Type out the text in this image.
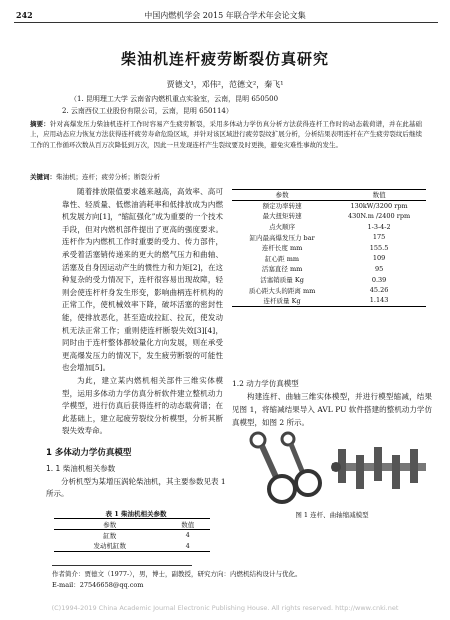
242	中国内燃机学会 2015 年联合学术年会论文集
柴油机连杆疲劳断裂仿真研究
贾德文¹，邓伟²，范德文²，秦飞¹
（1. 昆明理工大学 云南省内燃机重点实验室，云南，昆明 650500
2. 云南西仪工业股份有限公司，云南，昆明 650114）
摘要：针对高爆发压力柴油机连杆工作时容易产生疲劳断裂，采用多体动力学仿真分析方法获得连杆工作时的动态载荷谱，并在此基础上，应用动态应力恢复方法获得连杆疲劳寿命危险区域，并针对该区域进行疲劳裂纹扩展分析，分析结果表明连杆在产生疲劳裂纹后继续工作的工作循环次数从百万次降低到万次，因此一旦发现连杆产生裂纹要及时更换，避免灾难性事故的发生。
关键词：柴油机；连杆；疲劳分析；断裂分析

随着排放限值要求越来越高，高效率、高可靠性、轻质量、低燃油消耗率和低排放成为内燃机发展方向[1]，“缩缸强化”成为重要的一个技术手段，但对内燃机部件提出了更高的强度要求。连杆作为内燃机工作时重要的受力、传力部件，承受着活塞销传递来的更大的燃气压力和曲轴、活塞及自身因运动产生的惯性力和力矩[2]，在这种复杂的受力情况下，连杆很容易出现故障，轻则会使连杆杆身发生形变，影响曲柄连杆机构的正常工作，使机械效率下降，破坏活塞的密封性能，使排放恶化，甚至造成拉缸、拉瓦，使发动机无法正常工作；重则使连杆断裂失效[3][4]，同时由于连杆整体都较量化方向发展，则在承受更高爆发压力的情况下，发生疲劳断裂的可能性也会增加[5]。

为此，建立某内燃机相关部件三维实体模型，运用多体动力学仿真分析软件建立整机动力学模型，进行仿真后获得连杆的动态载荷谱；在此基础上，建立起疲劳裂纹分析模型，分析其断裂失效寿命。

1 多体动力学仿真模型
1. 1 柴油机相关参数
分析机型为某增压涡轮柴油机，其主要参数见表 1 所示。
表 1 柴油机相关参数
参数	数值
缸数	4
发动机缸数	4
参数	数值
额定功率转速	130kW/3200 rpm
最大扭矩转速	430N.m /2400 rpm
点火顺序	1-3-4-2
缸内最高爆发压力 bar	175
连杆长度 mm	155.5
缸心距 mm	109
活塞直径 mm	95
活塞销质量 Kg	0.39
质心距大头的距离 mm	45.26
连杆质量 Kg	1.143
1.2 动力学仿真模型
构建连杆、曲轴三维实体模型，并进行模型缩减，结果见图 1，将缩减结果导入 AVL PU 软件搭建的整机动力学仿真模型，如图 2 所示。
图 1 连杆、曲轴缩减模型
作者简介：贾德文（1977-），男，博士，副教授，研究方向：内燃机结构设计与优化。
E-mail：27546658@qq.com
(C)1994-2019 China Academic Journal Electronic Publishing House. All rights reserved. http://www.cnki.net
